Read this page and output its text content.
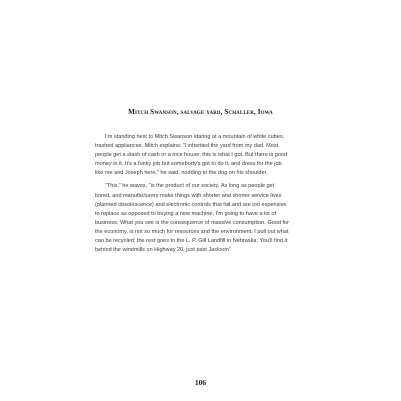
Mitch Swanson, salvage yard, Schaller, Iowa
I’m standing next to Mitch Swanson staring at a mountain of white cubes,
trashed appliances. Mitch explains: “I inherited the yard from my dad. Most
people get a stash of cash or a nice house; this is what I got. But there is good
money in it. It’s a funky job but somebody’s got to do it, and dress for the job
like me and Joseph here,” he said, nodding to the dog on his shoulder.
“This,” he waves, “is the product of our society. As long as people get
bored, and manufacturers make things with shorter and shorter service lives
(planned obsolescence) and electronic controls that fail and are too expensive
to replace as opposed to buying a new machine, I’m going to have a lot of
business. What you see is the consequence of massive consumption. Good for
the economy, is not so much for resources and the environment. I pull out what
can be recycled; the rest goes to the L. P. Gill Landfill in Nebraska. You’ll find it
behind the windmills on Highway 20, just past Jackson”
106
